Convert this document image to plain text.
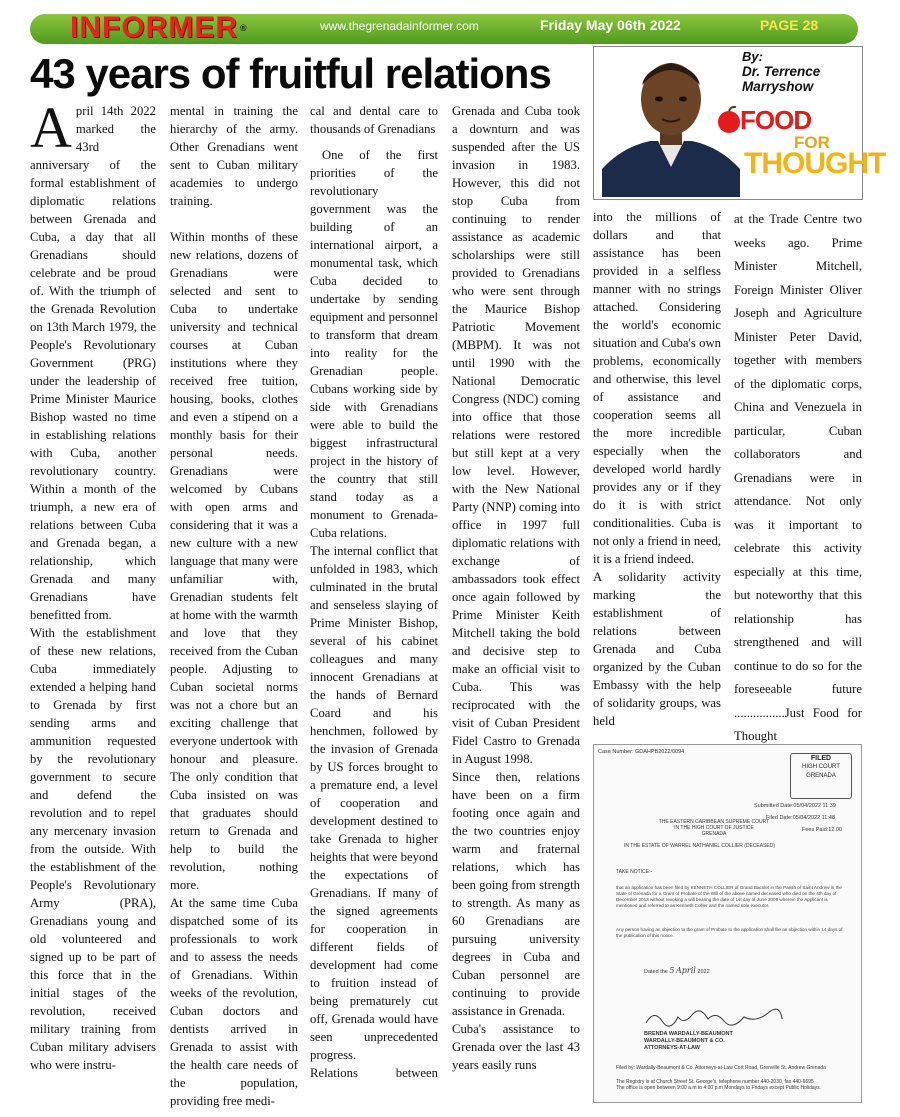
INFORMER ®	www.thegrenadainformer.com	Friday May 06th 2022	PAGE 28
43 years of fruitful relations

April 14th 2022 marked the 43rd anniversary of the formal establishment of diplomatic relations between Grenada and Cuba, a day that all Grenadians should celebrate and be proud of. With the triumph of the Grenada Revolution on 13th March 1979, the People's Revolutionary Government (PRG) under the leadership of Prime Minister Maurice Bishop wasted no time in establishing relations with Cuba, another revolutionary country. Within a month of the triumph, a new era of relations between Cuba and Grenada began, a relationship, which Grenada and many Grenadians have benefitted from.

With the establishment of these new relations, Cuba immediately extended a helping hand to Grenada by first sending arms and ammunition requested by the revolutionary government to secure and defend the revolution and to repel any mercenary invasion from the outside. With the establishment of the People's Revolutionary Army (PRA), Grenadians young and old volunteered and signed up to be part of this force that in the initial stages of the revolution, received military training from Cuban military advisers who were instru-

mental in training the hierarchy of the army. Other Grenadians went sent to Cuban military academies to undergo training.

Within months of these new relations, dozens of Grenadians were selected and sent to Cuba to undertake university and technical courses at Cuban institutions where they received free tuition, housing, books, clothes and even a stipend on a monthly basis for their personal needs. Grenadians were welcomed by Cubans with open arms and considering that it was a new culture with a new language that many were unfamiliar with, Grenadian students felt at home with the warmth and love that they received from the Cuban people. Adjusting to Cuban societal norms was not a chore but an exciting challenge that everyone undertook with honour and pleasure. The only condition that Cuba insisted on was that graduates should return to Grenada and help to build the revolution, nothing more.

At the same time Cuba dispatched some of its professionals to work and to assess the needs of Grenadians. Within weeks of the revolution, Cuban doctors and dentists arrived in Grenada to assist with the health care needs of the population, providing free medi-

cal and dental care to thousands of Grenadians

One of the first priorities of the revolutionary government was the building of an international airport, a monumental task, which Cuba decided to undertake by sending equipment and personnel to transform that dream into reality for the Grenadian people. Cubans working side by side with Grenadians were able to build the biggest infrastructural project in the history of the country that still stand today as a monument to Grenada-Cuba relations.

The internal conflict that unfolded in 1983, which culminated in the brutal and senseless slaying of Prime Minister Bishop, several of his cabinet colleagues and many innocent Grenadians at the hands of Bernard Coard and his henchmen, followed by the invasion of Grenada by US forces brought to a premature end, a level of cooperation and development destined to take Grenada to higher heights that were beyond the expectations of Grenadians. If many of the signed agreements for cooperation in different fields of development had come to fruition instead of being prematurely cut off, Grenada would have seen unprecedented progress.

Relations between

Grenada and Cuba took a downturn and was suspended after the US invasion in 1983. However, this did not stop Cuba from continuing to render assistance as academic scholarships were still provided to Grenadians who were sent through the Maurice Bishop Patriotic Movement (MBPM). It was not until 1990 with the National Democratic Congress (NDC) coming into office that those relations were restored but still kept at a very low level. However, with the New National Party (NNP) coming into office in 1997 full diplomatic relations with exchange of ambassadors took effect once again followed by Prime Minister Keith Mitchell taking the bold and decisive step to make an official visit to Cuba. This was reciprocated with the visit of Cuban President Fidel Castro to Grenada in August 1998.

Since then, relations have been on a firm footing once again and the two countries enjoy warm and fraternal relations, which has been going from strength to strength. As many as 60 Grenadians are pursuing university degrees in Cuba and Cuban personnel are continuing to provide assistance in Grenada.

Cuba's assistance to Grenada over the last 43 years easily runs

By:
Dr. Terrence Marryshow
FOOD
FOR
THOUGHT

into the millions of dollars and that assistance has been provided in a selfless manner with no strings attached. Considering the world's economic situation and Cuba's own problems, economically and otherwise, this level of assistance and cooperation seems all the more incredible especially when the developed world hardly provides any or if they do it is with strict conditionalities. Cuba is not only a friend in need, it is a friend indeed.

A solidarity activity marking the establishment of relations between Grenada and Cuba organized by the Cuban Embassy with the help of solidarity groups, was held

at the Trade Centre two weeks ago. Prime Minister Mitchell, Foreign Minister Oliver Joseph and Agriculture Minister Peter David, together with members of the diplomatic corps, China and Venezuela in particular, Cuban collaborators and Grenadians were in attendance. Not only was it important to celebrate this activity especially at this time, but noteworthy that this relationship has strengthened and will continue to do so for the foreseeable future ................Just Food for Thought

Case Number: GDAHPB2022/0094
FILED
HIGH COURT
GRENADA
Submitted Date:05/04/2022 11:39
Filed Date:05/04/2022 11:48
Fees Paid:12.00
THE EASTERN CARIBBEAN SUPREME COURT
IN THE HIGH COURT OF JUSTICE
GRENADA
IN THE ESTATE OF WARREL NATHANIEL COLLIER (DECEASED)
TAKE NOTICE:-
that an application has been filed by KENNETH COLLIER of Grand Bacolet in the Parish of Saint Andrew in the State of Grenada for a Grant of Probate of the Will of the above named deceased who died on the 4th day of December 2013 without revoking a will bearing the date of 1st day of June 2009 wherein the Applicant is mentioned and referred to as Kenneth Collier and the named sole executor.
Any person having an objection to the grant of Probate to the application shall file an objection within 14 days of the publication of this notice.
Dated the 5 April 2022
BRENDA WARDALLY-BEAUMONT
WARDALLY-BEAUMONT & CO.
ATTORNEYS-AT-LAW
Filed by: Wardally-Beaumont & Co. Attorneys-at-Law Cort Road, Grenville St. Andrew Grenada
The Registry is at Church Street St. George's, telephone number 440-2030, fax 440-6695
The office is open between 9:00 a.m to 4:00 p.m Mondays to Fridays except Public Holidays.
